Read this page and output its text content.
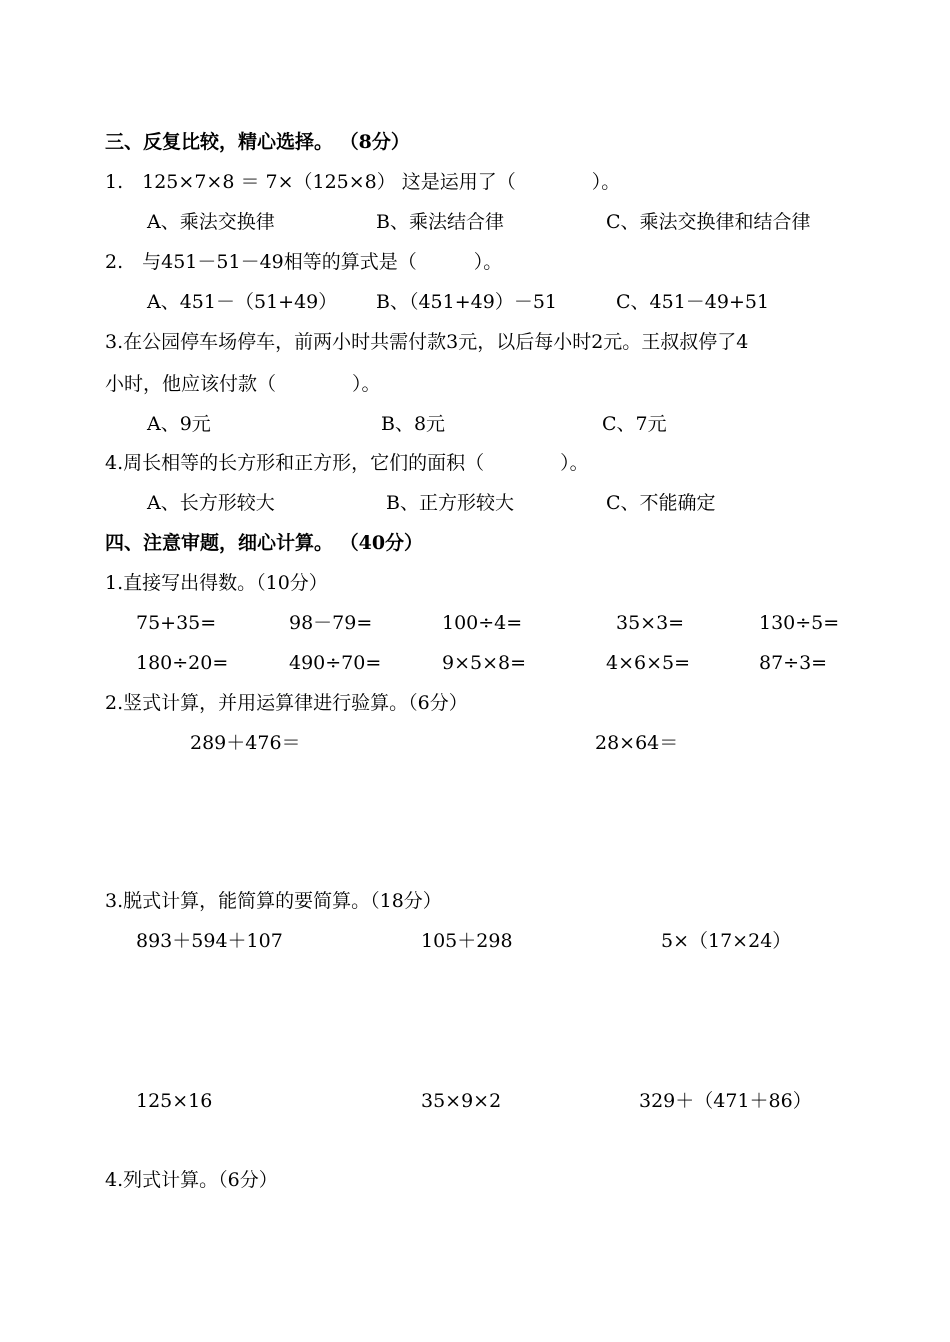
三、反复比较，精心选择。 （8分）
1.　125×7×8 ＝ 7×（125×8） 这是运用了（　　　　）。
A、乘法交换律	B、乘法结合律	C、乘法交换律和结合律
2.　与451－51－49相等的算式是（　　　）。
A、451－（51+49） B、（451+49）－51	C、451－49+51
3.在公园停车场停车，前两小时共需付款3元，以后每小时2元。王叔叔停了4
小时，他应该付款（　　　　）。
A、9元	B、8元	C、7元
4.周长相等的长方形和正方形，它们的面积（　　　　）。
A、长方形较大	B、正方形较大	C、不能确定
四、注意审题，细心计算。 （40分）
1.直接写出得数。（10分）
75+35=	98－79=	100÷4=	35×3=	130÷5=
180÷20=	490÷70=	9×5×8=	4×6×5=	87÷3=
2.竖式计算，并用运算律进行验算。（6分）
289＋476＝	28×64＝
3.脱式计算，能简算的要简算。（18分）
893＋594＋107	105＋298	5×（17×24）
125×16	35×9×2	329＋（471＋86）
4.列式计算。（6分）
